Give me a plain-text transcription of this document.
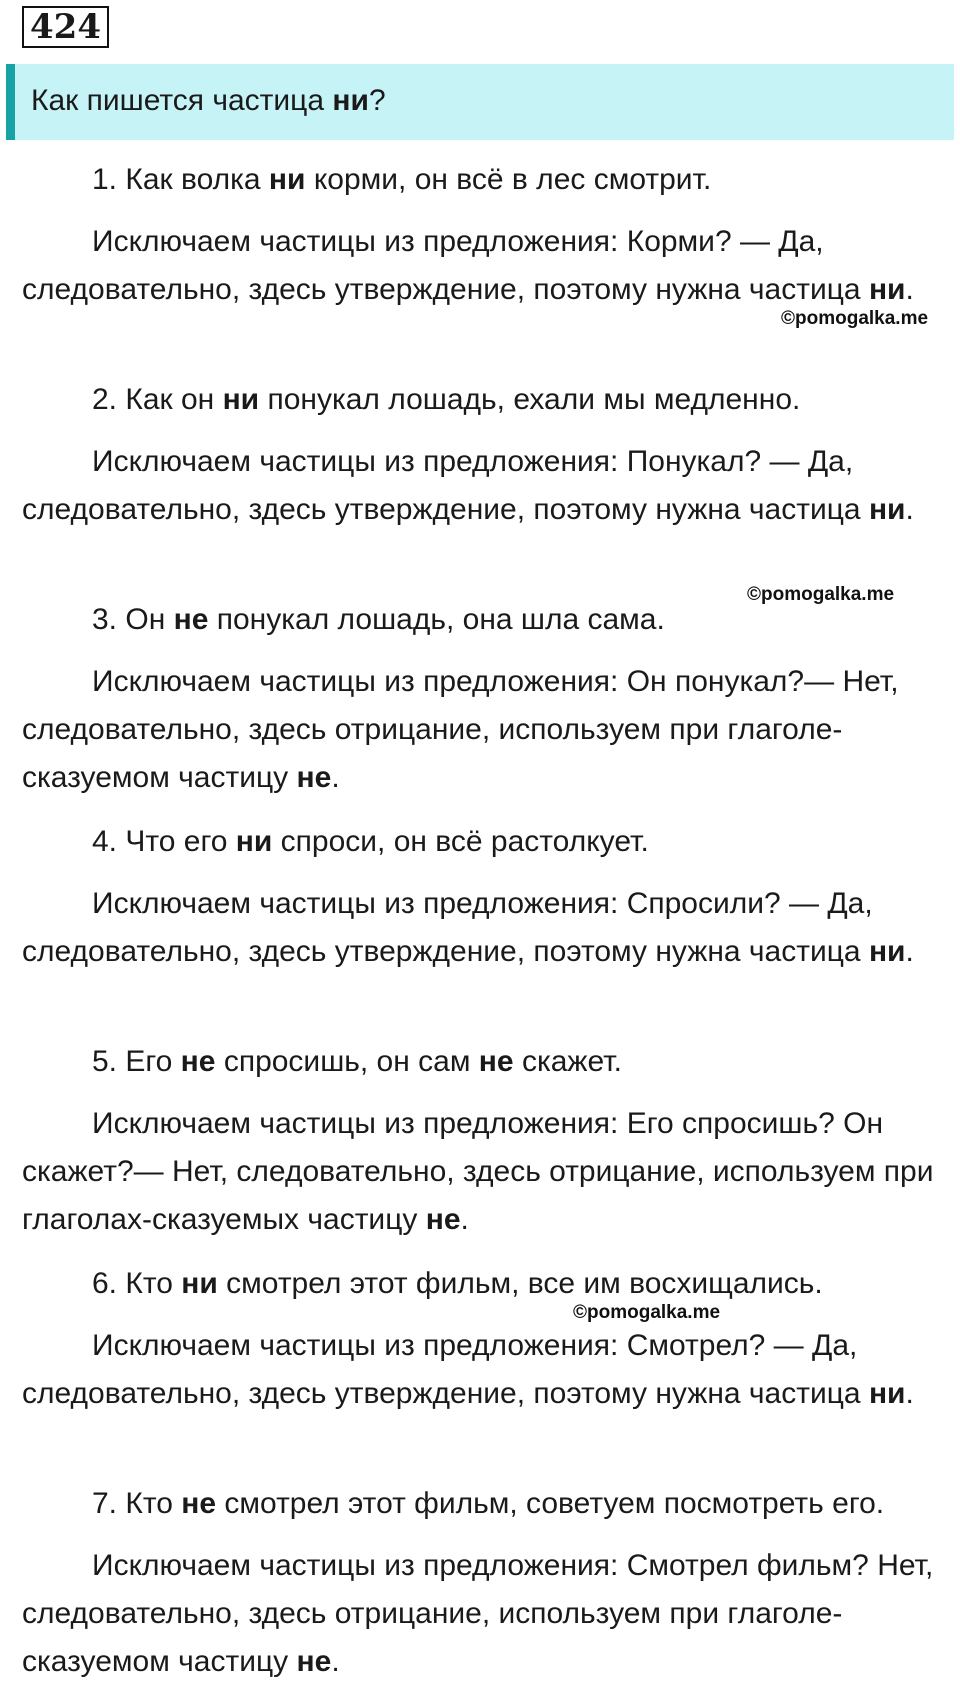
424
Как пишется частица ни?

1. Как волка ни корми, он всё в лес смотрит.

Исключаем частицы из предложения: Корми? — Да, следовательно, здесь утверждение, поэтому нужна частица ни.

©pomogalka.me

2. Как он ни понукал лошадь, ехали мы медленно.

Исключаем частицы из предложения: Понукал? — Да, следовательно, здесь утверждение, поэтому нужна частица ни.

©pomogalka.me

3. Он не понукал лошадь, она шла сама.

Исключаем частицы из предложения: Он понукал?— Нет, следовательно, здесь отрицание, используем при глаголе-сказуемом частицу не.

4. Что его ни спроси, он всё растолкует.

Исключаем частицы из предложения: Спросили? — Да, следовательно, здесь утверждение, поэтому нужна частица ни.

5. Его не спросишь, он сам не скажет.

Исключаем частицы из предложения: Его спросишь? Он скажет?— Нет, следовательно, здесь отрицание, используем при глаголах-сказуемых частицу не.

6. Кто ни смотрел этот фильм, все им восхищались.

©pomogalka.me

Исключаем частицы из предложения: Смотрел? — Да, следовательно, здесь утверждение, поэтому нужна частица ни.

7. Кто не смотрел этот фильм, советуем посмотреть его.

Исключаем частицы из предложения: Смотрел фильм? Нет, следовательно, здесь отрицание, используем при глаголе-сказуемом частицу не.
